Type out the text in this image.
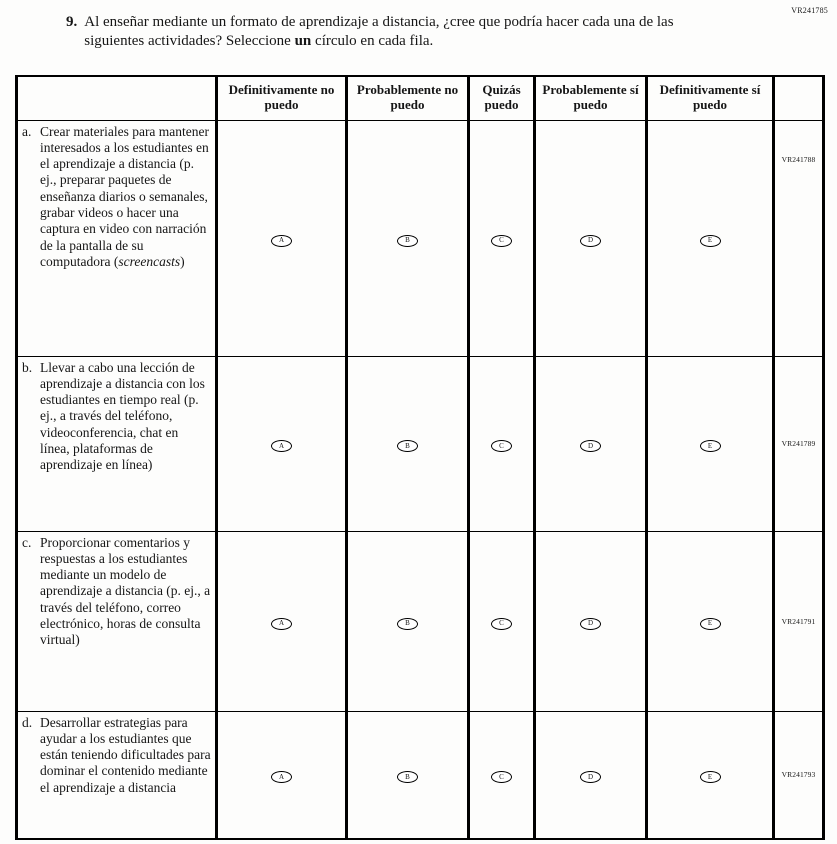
VR241785
9. Al enseñar mediante un formato de aprendizaje a distancia, ¿cree que podría hacer cada una de las siguientes actividades? Seleccione un círculo en cada fila.
	Definitivamente no puedo	Probablemente no puedo	Quizás puedo	Probablemente sí puedo	Definitivamente sí puedo	

a. Crear materiales para mantener interesados a los estudiantes en el aprendizaje a distancia (p. ej., preparar paquetes de enseñanza diarios o semanales, grabar videos o hacer una captura en video con narración de la pantalla de su computadora (screencasts)	A	B	C	D	E	VR241788

b. Llevar a cabo una lección de aprendizaje a distancia con los estudiantes en tiempo real (p. ej., a través del teléfono, videoconferencia, chat en línea, plataformas de aprendizaje en línea)	A	B	C	D	E	VR241789

c. Proporcionar comentarios y respuestas a los estudiantes mediante un modelo de aprendizaje a distancia (p. ej., a través del teléfono, correo electrónico, horas de consulta virtual)	A	B	C	D	E	VR241791

d. Desarrollar estrategias para ayudar a los estudiantes que están teniendo dificultades para dominar el contenido mediante el aprendizaje a distancia	A	B	C	D	E	VR241793
